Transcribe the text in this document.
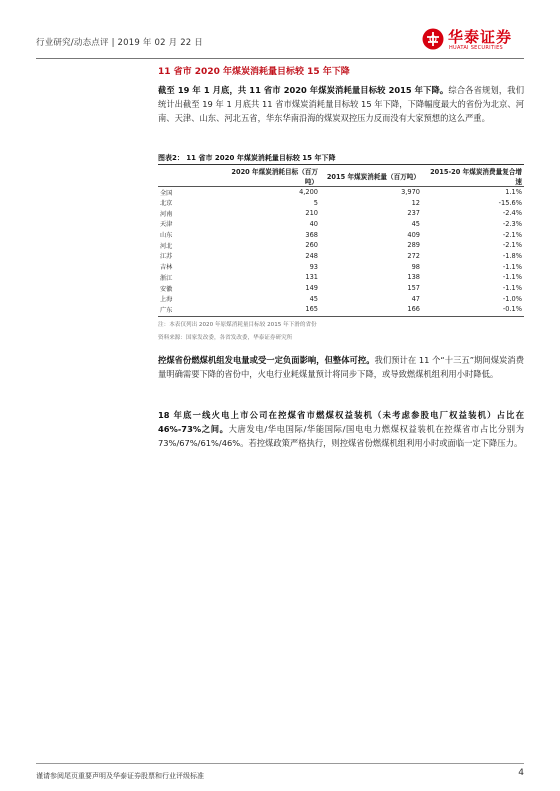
行业研究/动态点评 | 2019 年 02 月 22 日	华泰证券
HUATAI SECURITIES
11 省市 2020 年煤炭消耗量目标较 15 年下降
截至 19 年 1 月底，共 11 省市 2020 年煤炭消耗量目标较 2015 年下降。综合各省规划，我们统计出截至 19 年 1 月底共 11 省市煤炭消耗量目标较 15 年下降，下降幅度最大的省份为北京、河南、天津、山东、河北五省，华东华南沿海的煤炭双控压力反而没有大家预想的这么严重。
图表2： 11 省市 2020 年煤炭消耗量目标较 15 年下降
	2020 年煤炭消耗目标（百万吨）	2015 年煤炭消耗量（百万吨）	2015-20 年煤炭消费量复合增速
全国	4,200	3,970	1.1%
北京	5	12	-15.6%
河南	210	237	-2.4%
天津	40	45	-2.3%
山东	368	409	-2.1%
河北	260	289	-2.1%
江苏	248	272	-1.8%
吉林	93	98	-1.1%
浙江	131	138	-1.1%
安徽	149	157	-1.1%
上海	45	47	-1.0%
广东	165	166	-0.1%
注：本表仅列出 2020 年原煤消耗量目标较 2015 年下滑的省份
资料来源：国家发改委，各省发改委，华泰证券研究所
控煤省份燃煤机组发电量或受一定负面影响，但整体可控。我们预计在 11 个“十三五”期间煤炭消费量明确需要下降的省份中，火电行业耗煤量预计将同步下降，或导致燃煤机组利用小时降低。
18 年底一线火电上市公司在控煤省市燃煤权益装机（未考虑参股电厂权益装机）占比在 46%-73%之间。大唐发电/华电国际/华能国际/国电电力燃煤权益装机在控煤省市占比分别为 73%/67%/61%/46%。若控煤政策严格执行，则控煤省份燃煤机组利用小时或面临一定下降压力。
谨请参阅尾页重要声明及华泰证券股票和行业评级标准	4
